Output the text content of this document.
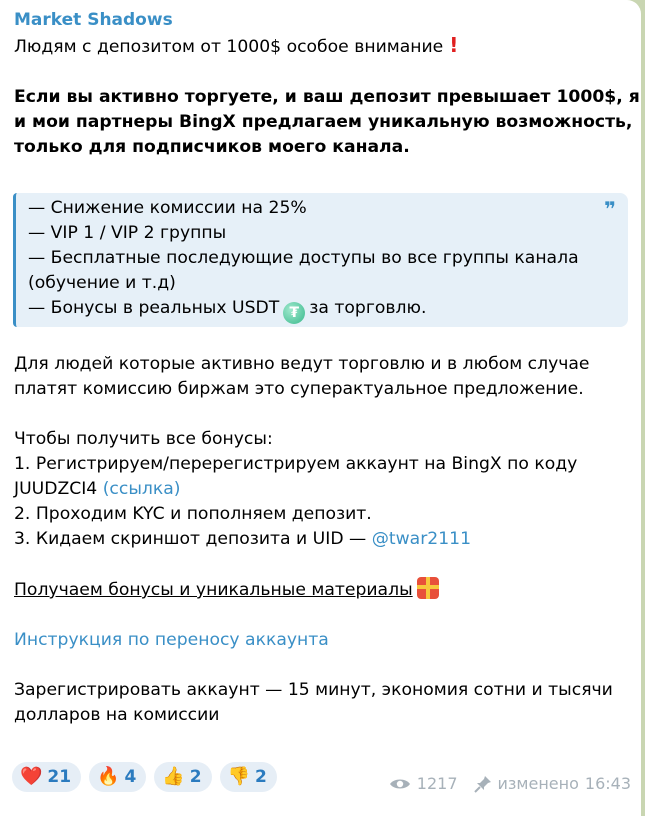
Market Shadows
Людям с депозитом от 1000$ особое внимание !
Если вы активно торгуете, и ваш депозит превышает 1000$, я
и мои партнеры BingX предлагаем уникальную возможность,
только для подписчиков моего канала.
❞
— Снижение комиссии на 25%
— VIP 1 / VIP 2 группы
— Бесплатные последующие доступы во все группы канала
(обучение и т.д)
— Бонусы в реальных USDT ₮ за торговлю.
Для людей которые активно ведут торговлю и в любом случае
платят комиссию биржам это суперактуальное предложение.
Чтобы получить все бонусы:
1. Регистрируем/перерегистрируем аккаунт на BingX по коду
JUUDZCI4 (ссылка)
2. Проходим KYC и пополняем депозит.
3. Кидаем скриншот депозита и UID — @twar2111
Получаем бонусы и уникальные материалы
Инструкция по переносу аккаунта
Зарегистрировать аккаунт — 15 минут, экономия сотни и тысячи
долларов на комиссии
❤️ 21 🔥 4 👍 2 👎 2	1217	изменено 16:43
